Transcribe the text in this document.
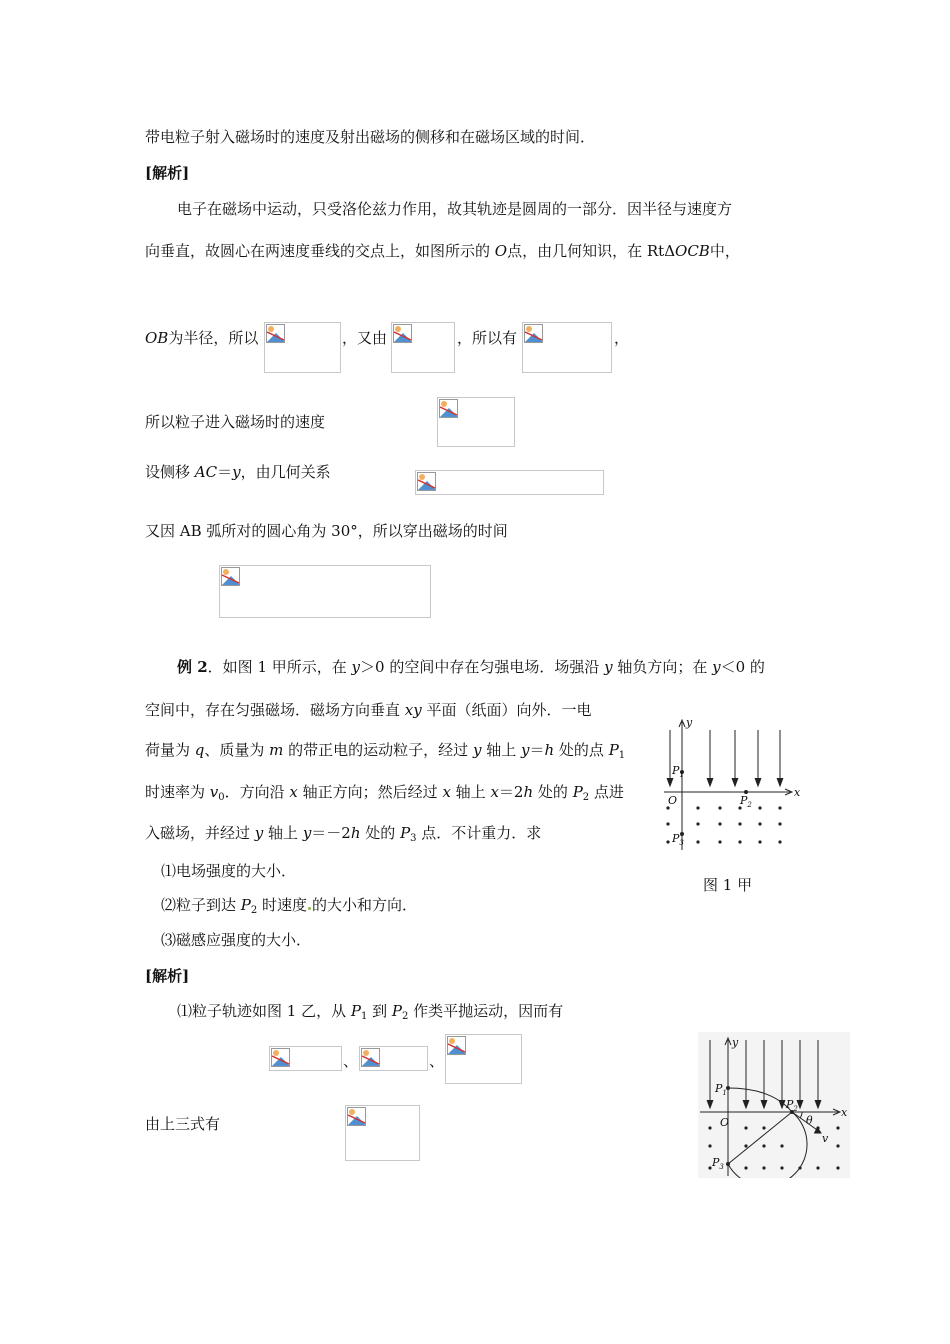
带电粒子射入磁场时的速度及射出磁场的侧移和在磁场区域的时间．
[解析]
电子在磁场中运动，只受洛伦兹力作用，故其轨迹是圆周的一部分．因半径与速度方
向垂直，故圆心在两速度垂线的交点上，如图所示的 O点，由几何知识，在 RtΔOCB中，
OB为半径，所以	，又由	，所以有	，
所以粒子进入磁场时的速度
设侧移 AC＝y，由几何关系
又因 AB 弧所对的圆心角为 30°，所以穿出磁场的时间
例 2．如图 1 甲所示，在 y＞0 的空间中存在匀强电场．场强沿 y 轴负方向；在 y＜0 的
空间中，存在匀强磁场．磁场方向垂直 xy 平面（纸面）向外．一电
荷量为 q、质量为 m 的带正电的运动粒子，经过 y 轴上 y＝h 处的点 $P_1$
时速率为 $v_0$．方向沿 x 轴正方向；然后经过 x 轴上 x＝2h 处的 $P_2$ 点进
入磁场，并经过 y 轴上 y＝－2h 处的 $P_3$ 点．不计重力．求
⑴电场强度的大小．
⑵粒子到达 $P_2$ 时速度 的大小和方向．
⑶磁感应强度的大小．
y
x
O
$P_1$
$P_2$
$P_3$
图 1 甲
[解析]
⑴粒子轨迹如图 1 乙，从 $P_1$ 到 $P_2$ 作类平抛运动，因而有
、	、
由上三式有
y
x
O
$P_1$
$P_2$
$P_3$
θ
v
